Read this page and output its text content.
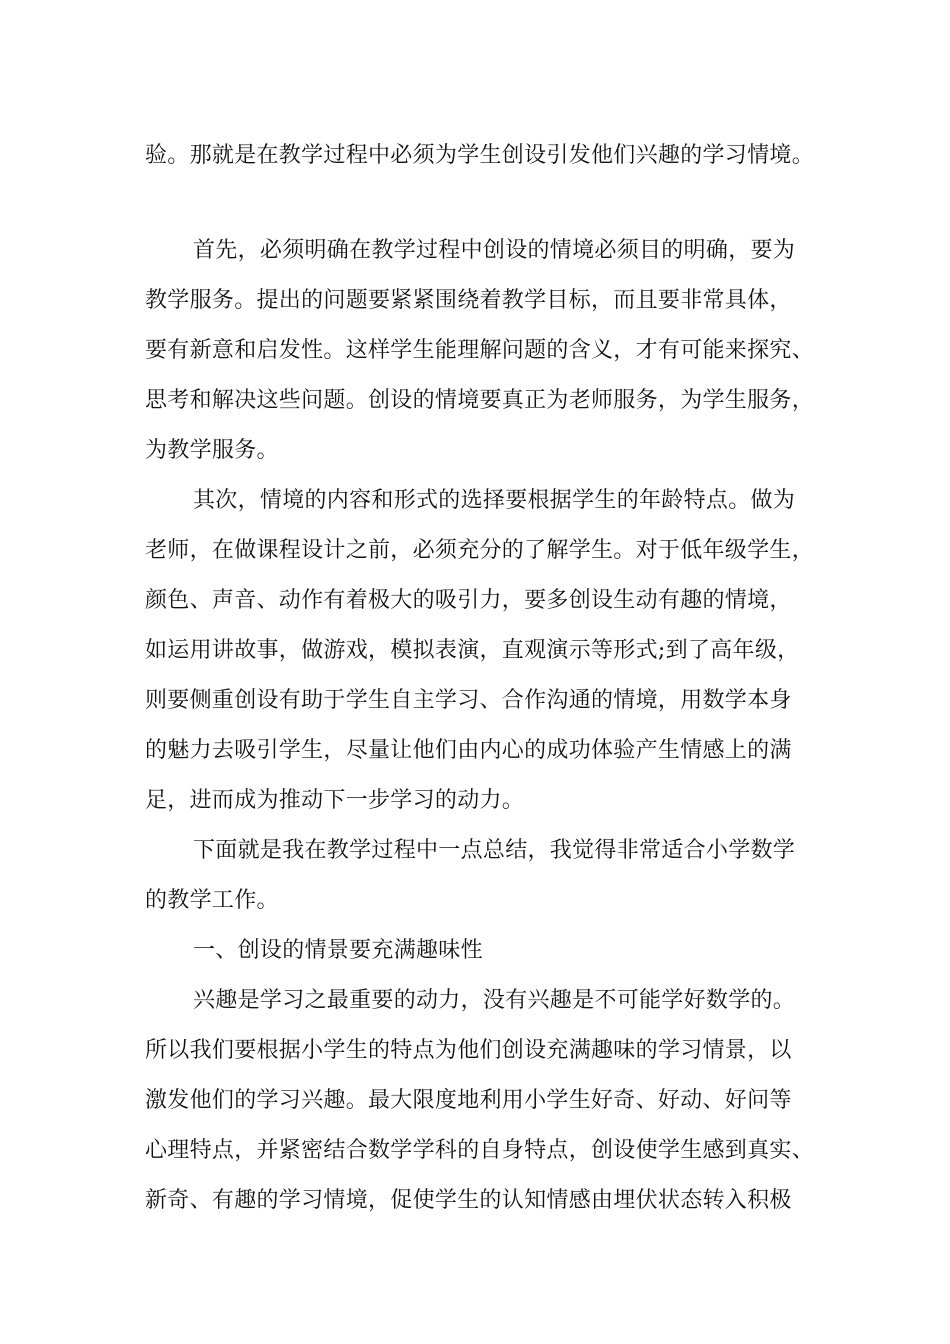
验。那就是在教学过程中必须为学生创设引发他们兴趣的学习情境。

首先，必须明确在教学过程中创设的情境必须目的明确，要为

教学服务。提出的问题要紧紧围绕着教学目标，而且要非常具体，

要有新意和启发性。这样学生能理解问题的含义，才有可能来探究、

思考和解决这些问题。创设的情境要真正为老师服务，为学生服务，

为教学服务。

其次，情境的内容和形式的选择要根据学生的年龄特点。做为

老师，在做课程设计之前，必须充分的了解学生。对于低年级学生，

颜色、声音、动作有着极大的吸引力，要多创设生动有趣的情境，

如运用讲故事，做游戏，模拟表演，直观演示等形式;到了高年级，

则要侧重创设有助于学生自主学习、合作沟通的情境，用数学本身

的魅力去吸引学生，尽量让他们由内心的成功体验产生情感上的满

足，进而成为推动下一步学习的动力。

下面就是我在教学过程中一点总结，我觉得非常适合小学数学

的教学工作。

一、创设的情景要充满趣味性

兴趣是学习之最重要的动力，没有兴趣是不可能学好数学的。

所以我们要根据小学生的特点为他们创设充满趣味的学习情景，以

激发他们的学习兴趣。最大限度地利用小学生好奇、好动、好问等

心理特点，并紧密结合数学学科的自身特点，创设使学生感到真实、

新奇、有趣的学习情境，促使学生的认知情感由埋伏状态转入积极
